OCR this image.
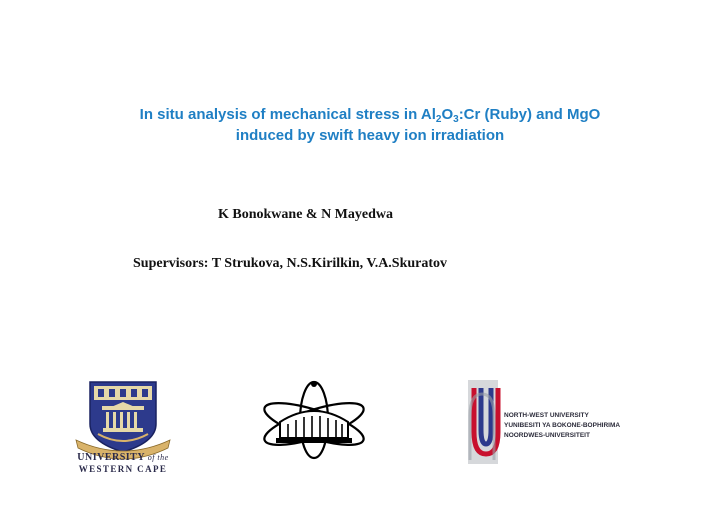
In situ analysis of mechanical stress in $Al_2O_3:Cr$ (Ruby) and MgO
induced by swift heavy ion irradiation
K Bonokwane & N Mayedwa
Supervisors: T Strukova, N.S.Kirilkin, V.A.Skuratov
UNIVERSITY of the
WESTERN CAPE
NORTH-WEST UNIVERSITY
YUNIBESITI YA BOKONE-BOPHIRIMA
NOORDWES-UNIVERSITEIT
